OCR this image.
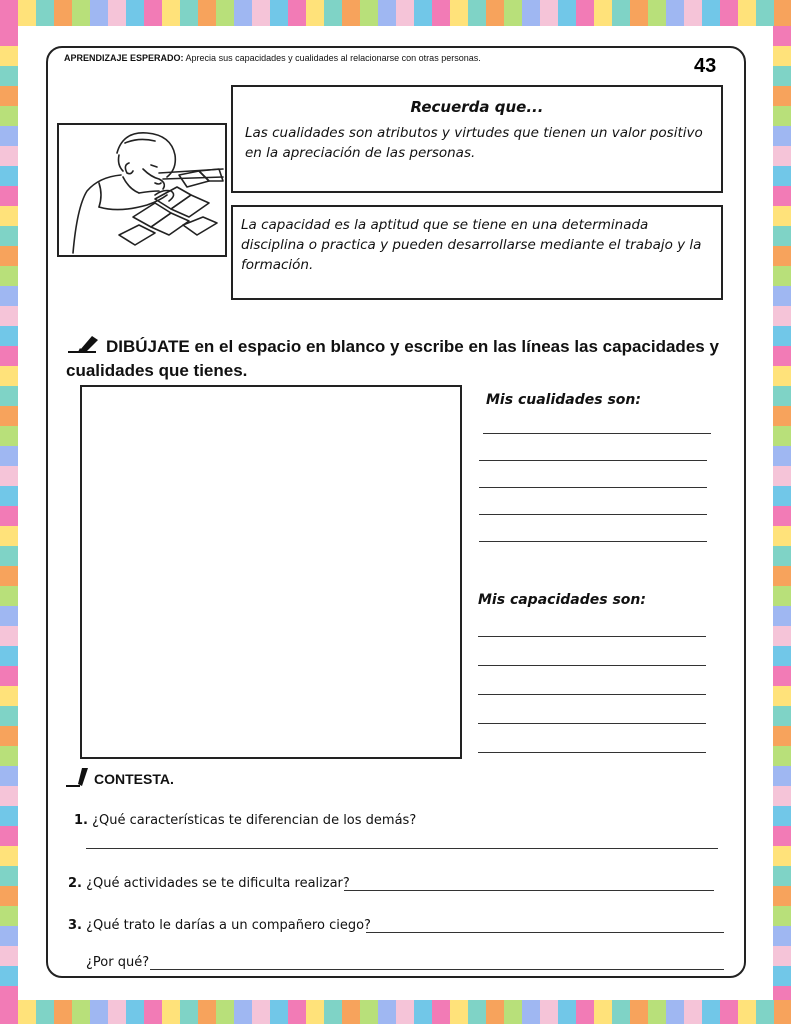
APRENDIZAJE ESPERADO: Aprecia sus capacidades y cualidades al relacionarse con otras personas.	43
Recuerda que...
Las cualidades son atributos y virtudes que tienen un valor positivo en la apreciación de las personas.
La capacidad es la aptitud que se tiene en una determinada disciplina o practica y pueden desarrollarse mediante el trabajo y la formación.
DIBÚJATE en el espacio en blanco y escribe en las líneas las capacidades y cualidades que tienes.
Mis cualidades son:
Mis capacidades son:
CONTESTA.
1. ¿Qué características te diferencian de los demás?
2. ¿Qué actividades se te dificulta realizar?
3. ¿Qué trato le darías a un compañero ciego?
¿Por qué?
